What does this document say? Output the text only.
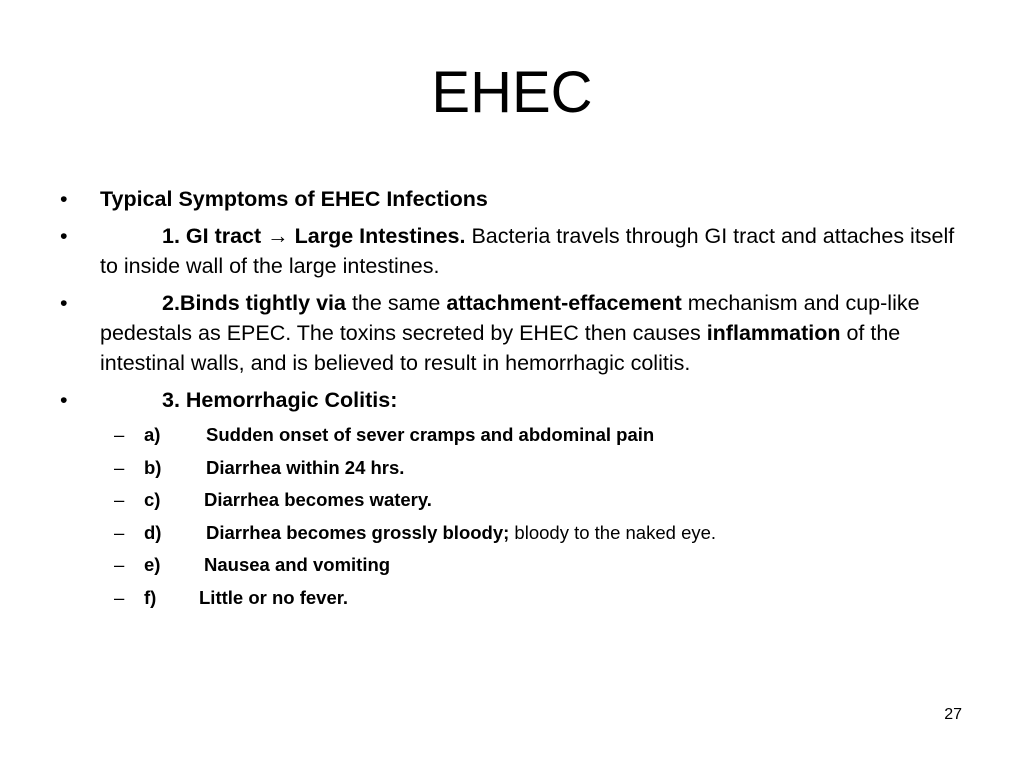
EHEC
• Typical Symptoms of EHEC Infections
•	1. GI tract → Large Intestines. Bacteria travels through GI tract and attaches itself to inside wall of the large intestines.
•	2.Binds tightly via the same attachment-effacement mechanism and cup-like pedestals as EPEC. The toxins secreted by EHEC then causes inflammation of the intestinal walls, and is believed to result in hemorrhagic colitis.
•	3. Hemorrhagic Colitis:
– a) Sudden onset of sever cramps and abdominal pain
– b) Diarrhea within 24 hrs.
– c) Diarrhea becomes watery.
– d) Diarrhea becomes grossly bloody; bloody to the naked eye.
– e) Nausea and vomiting
– f) Little or no fever.
27
